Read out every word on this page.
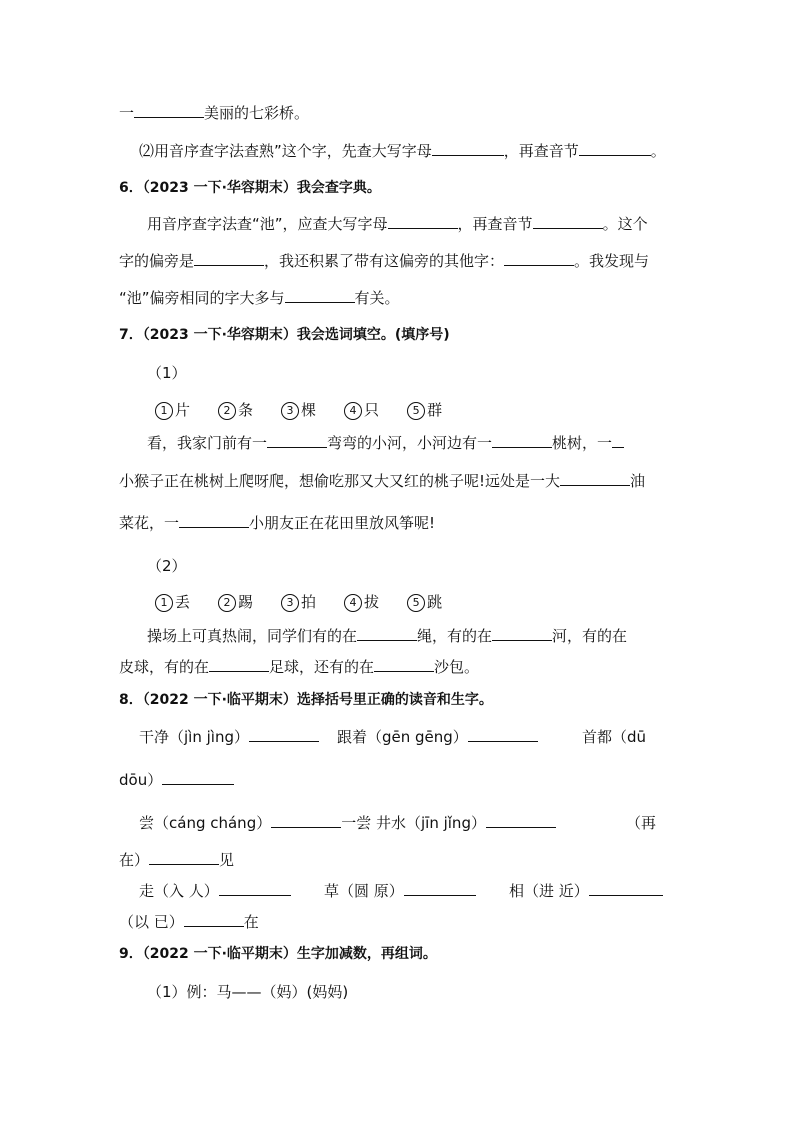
一	美丽的七彩桥。
⑵用音序查字法查熟”这个字，先查大写字母	，再查音节	。
6．（2023 一下·华容期末）我会查字典。
用音序查字法查“池”，应查大写字母	，再查音节	。这个
字的偏旁是	，我还积累了带有这偏旁的其他字：	。我发现与
“池”偏旁相同的字大多与	有关。
7．（2023 一下·华容期末）我会选词填空。(填序号)
（1）
1 片	2 条	3 棵	4 只	5 群
看，我家门前有一	弯弯的小河，小河边有一	桃树，一
小猴子正在桃树上爬呀爬，想偷吃那又大又红的桃子呢!远处是一大	油
菜花，一	小朋友正在花田里放风筝呢!
（2）
1 丢	2 踢	3 拍	4 拔	5 跳
操场上可真热闹，同学们有的在	绳，有的在	河，有的在
皮球，有的在	足球，还有的在	沙包。
8．（2022 一下·临平期末）选择括号里正确的读音和生字。
干净（jìn jìng）	跟着（gēn gēng）	首都（dū
dōu）
尝（cáng cháng）	一尝 井水（jīn jǐng）	（再
在）	见
走（入 人）	草（圆 原）	相（进 近）
（以 已）	在
9．（2022 一下·临平期末）生字加减数，再组词。
（1）例：马——（妈）(妈妈)
